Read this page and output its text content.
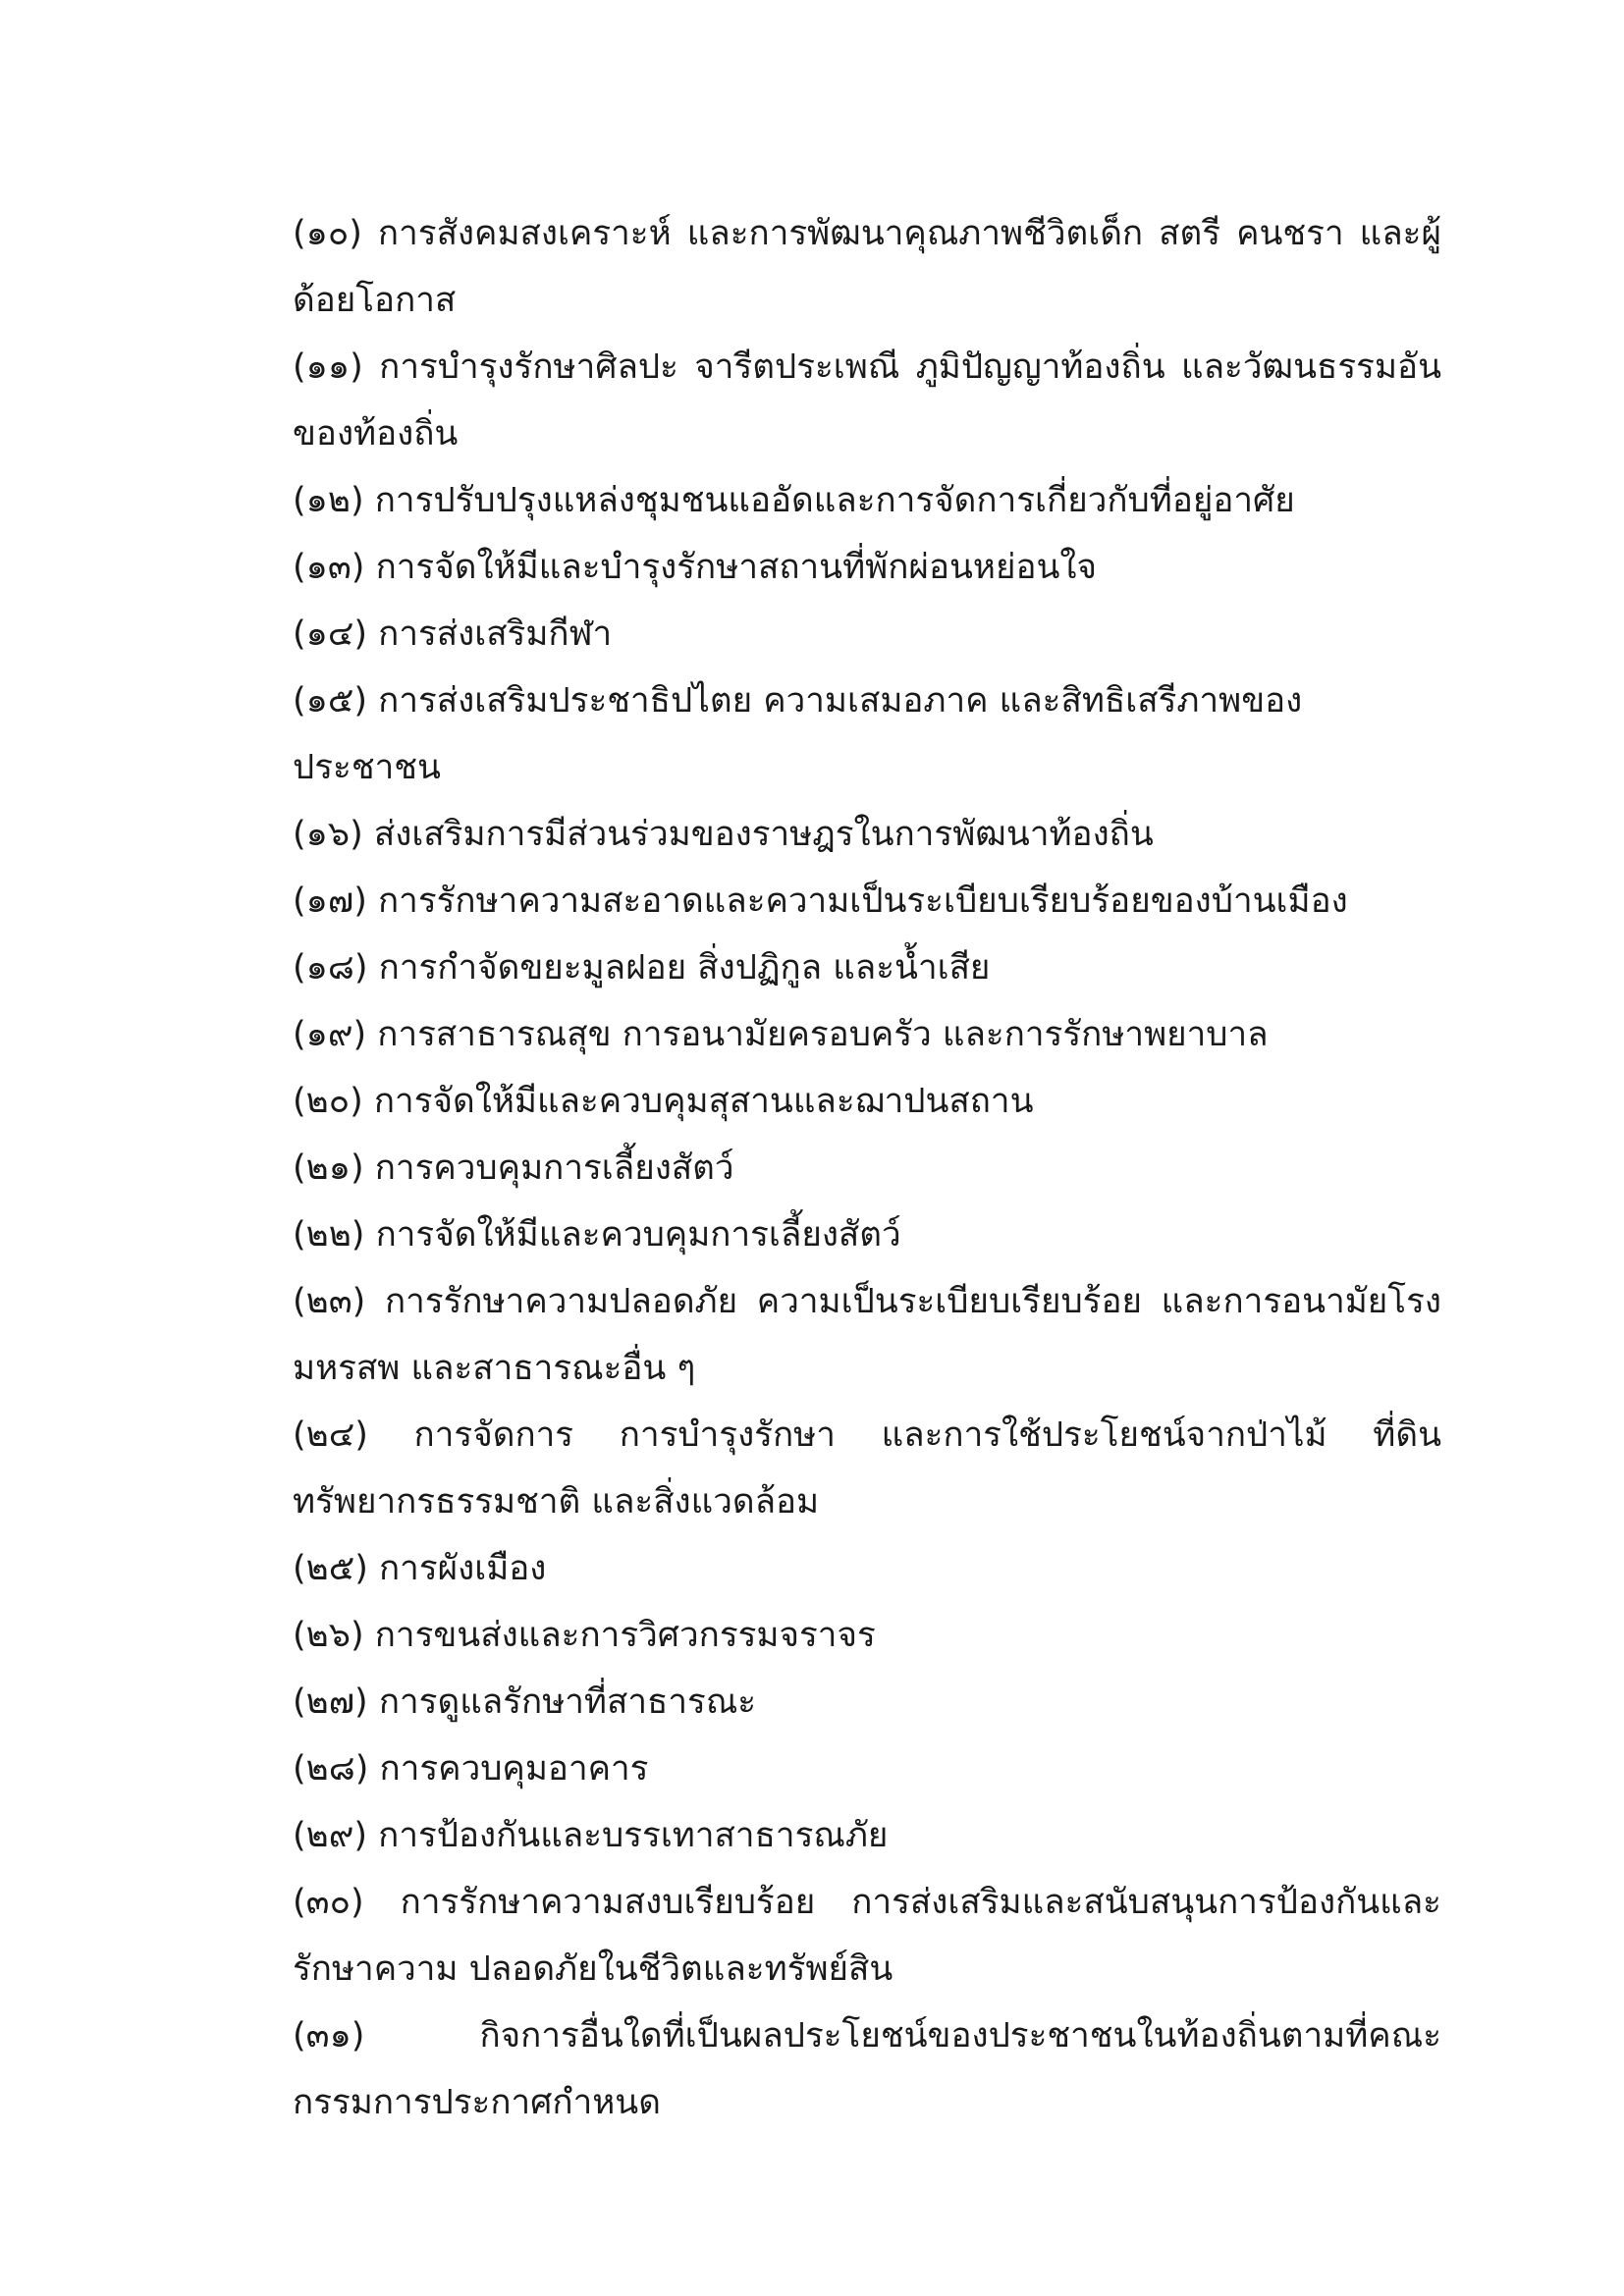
(๑๐) การสังคมสงเคราะห์ และการพัฒนาคุณภาพชีวิตเด็ก สตรี คนชรา และผู้ด้อยโอกาส

(๑๑) การบำรุงรักษาศิลปะ จารีตประเพณี ภูมิปัญญาท้องถิ่น และวัฒนธรรมอันของท้องถิ่น

(๑๒) การปรับปรุงแหล่งชุมชนแออัดและการจัดการเกี่ยวกับที่อยู่อาศัย

(๑๓) การจัดให้มีและบำรุงรักษาสถานที่พักผ่อนหย่อนใจ

(๑๔) การส่งเสริมกีฬา

(๑๕) การส่งเสริมประชาธิปไตย ความเสมอภาค และสิทธิเสรีภาพของประชาชน

(๑๖) ส่งเสริมการมีส่วนร่วมของราษฎรในการพัฒนาท้องถิ่น

(๑๗) การรักษาความสะอาดและความเป็นระเบียบเรียบร้อยของบ้านเมือง

(๑๘) การกำจัดขยะมูลฝอย สิ่งปฏิกูล และน้ำเสีย

(๑๙) การสาธารณสุข การอนามัยครอบครัว และการรักษาพยาบาล

(๒๐) การจัดให้มีและควบคุมสุสานและฌาปนสถาน

(๒๑) การควบคุมการเลี้ยงสัตว์

(๒๒) การจัดให้มีและควบคุมการเลี้ยงสัตว์

(๒๓) การรักษาความปลอดภัย ความเป็นระเบียบเรียบร้อย และการอนามัยโรงมหรสพ และสาธารณะอื่น ๆ

(๒๔) การจัดการ การบำรุงรักษา และการใช้ประโยชน์จากป่าไม้ ที่ดินทรัพยากรธรรมชาติ และสิ่งแวดล้อม

(๒๕) การผังเมือง

(๒๖) การขนส่งและการวิศวกรรมจราจร

(๒๗) การดูแลรักษาที่สาธารณะ

(๒๘) การควบคุมอาคาร

(๒๙) การป้องกันและบรรเทาสาธารณภัย

(๓๐) การรักษาความสงบเรียบร้อย การส่งเสริมและสนับสนุนการป้องกันและรักษาความ ปลอดภัยในชีวิตและทรัพย์สิน

(๓๑) กิจการอื่นใดที่เป็นผลประโยชน์ของประชาชนในท้องถิ่นตามที่คณะกรรมการประกาศกำหนด
